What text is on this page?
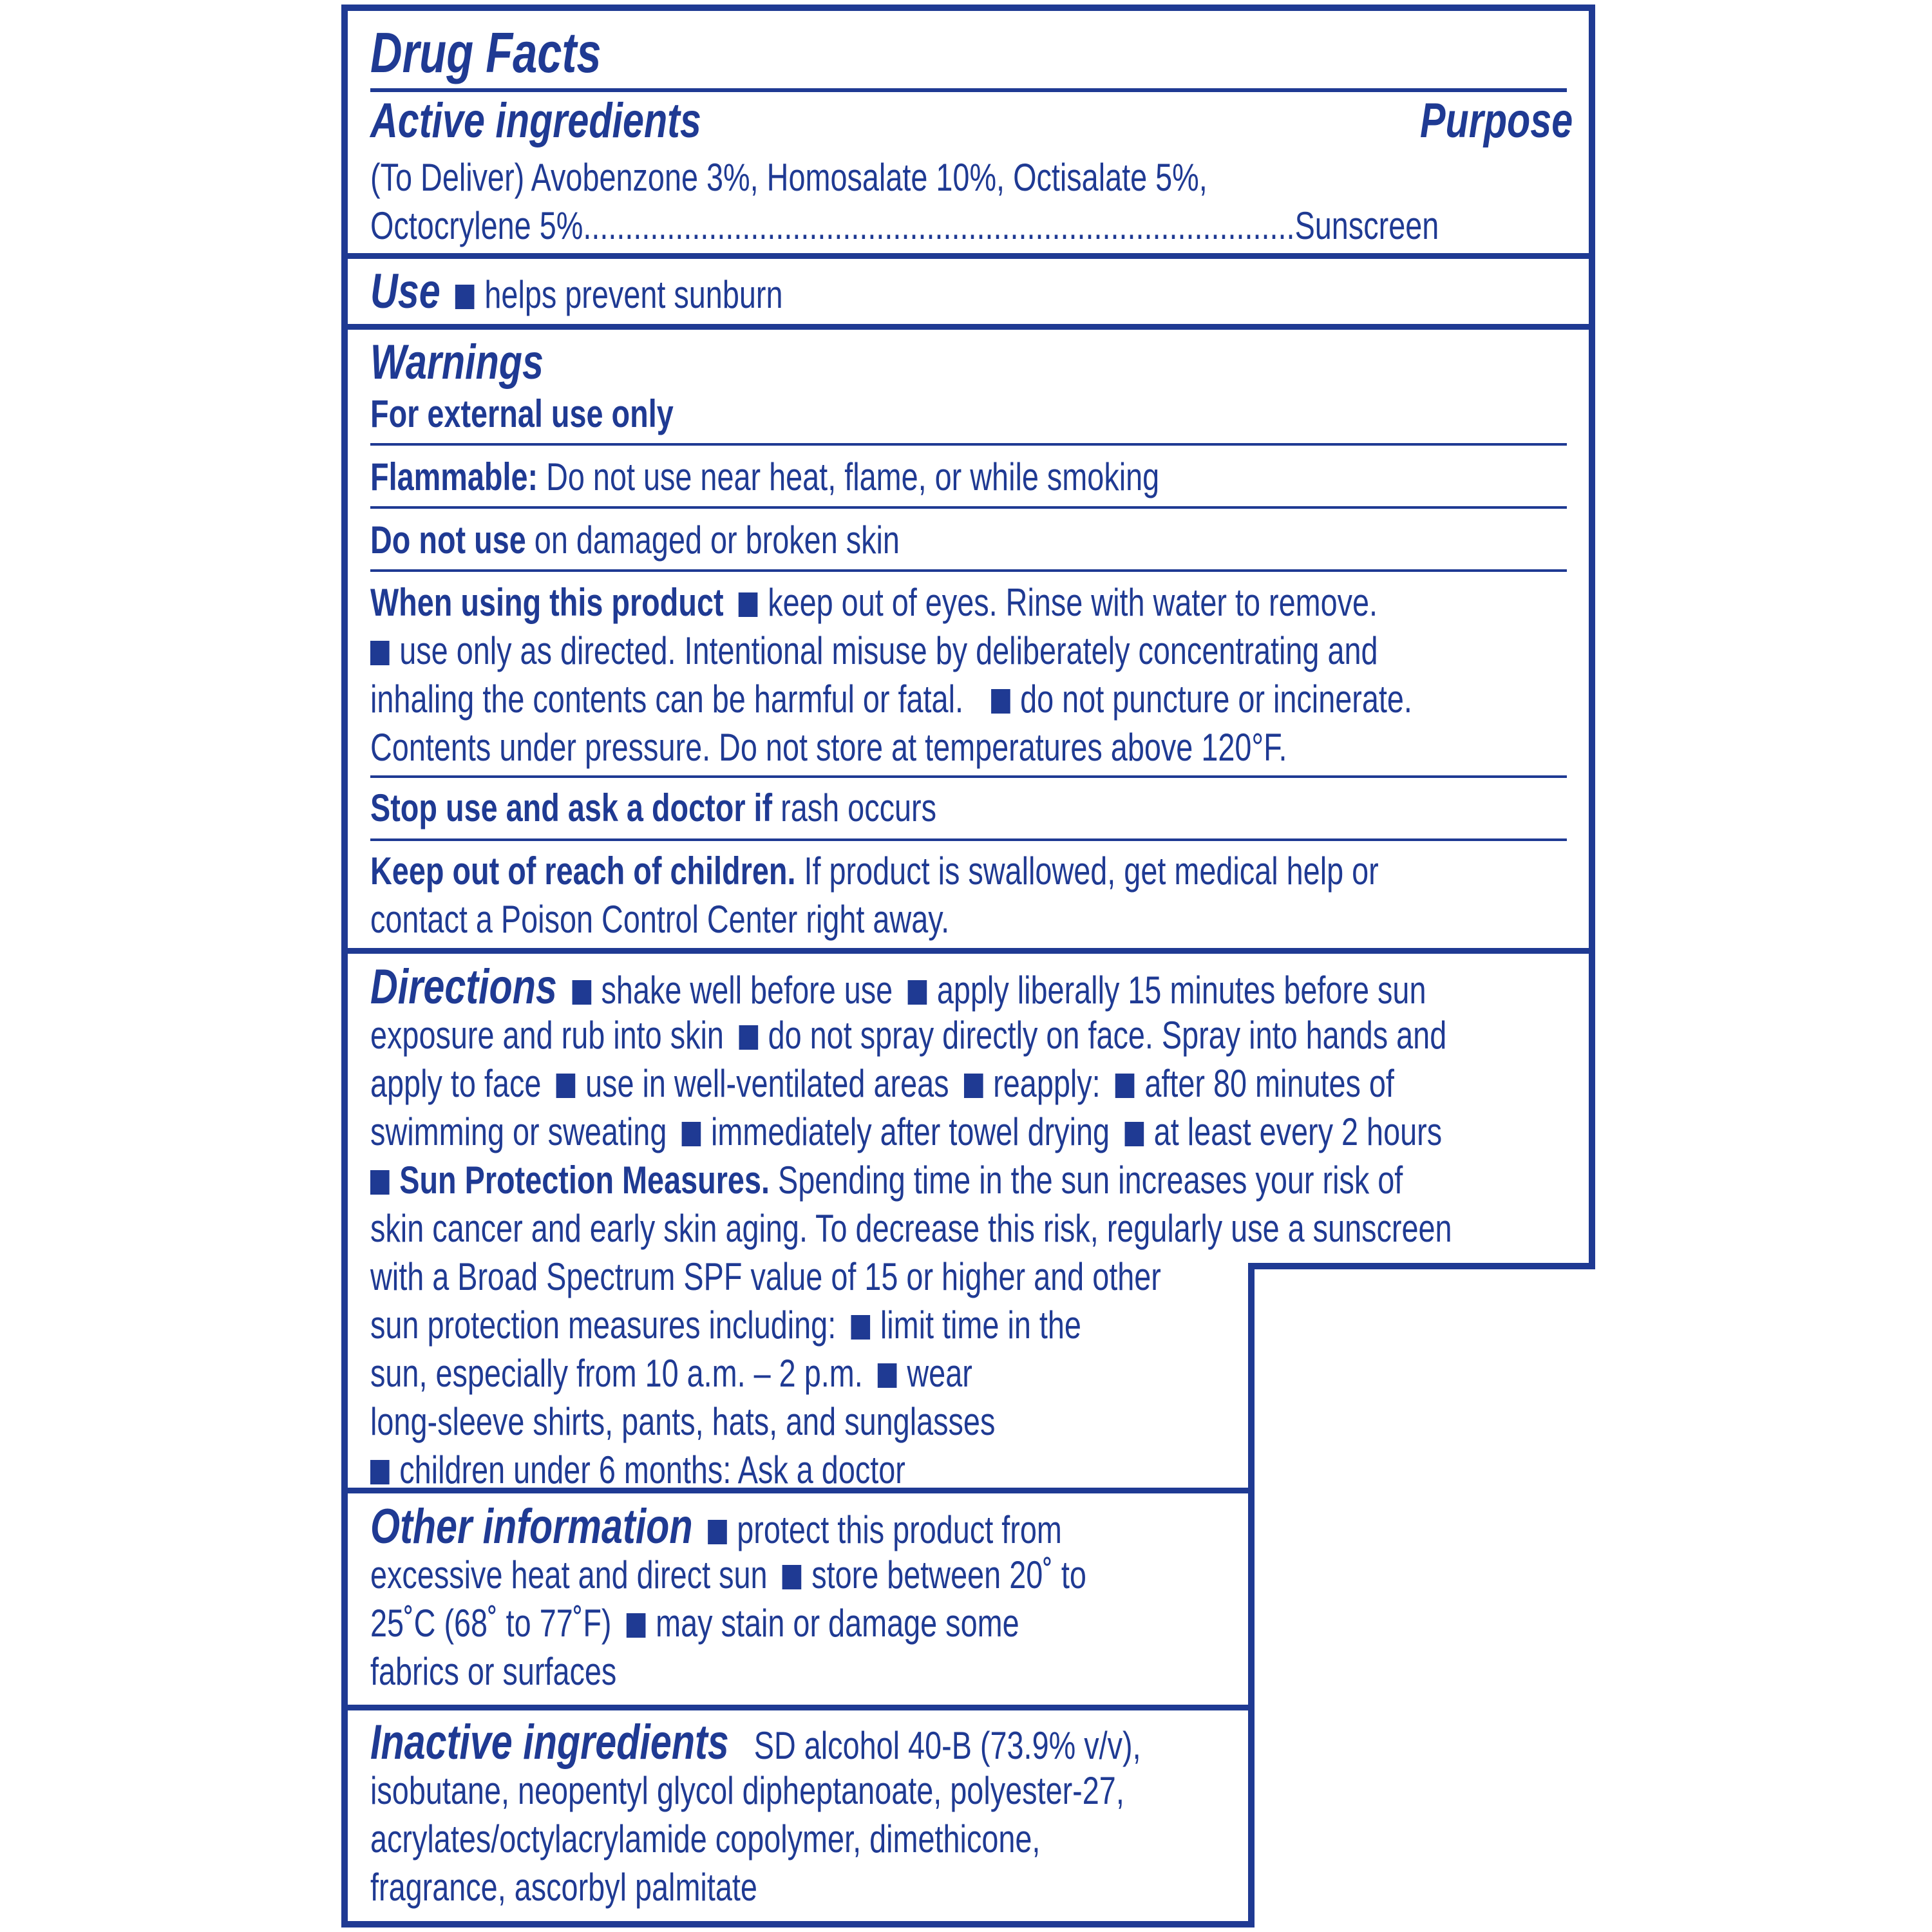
Drug Facts
Active ingredients	Purpose
(To Deliver) Avobenzone 3%, Homosalate 10%, Octisalate 5%,
Octocrylene 5%.....................................................................................Sunscreen
Use helps prevent sunburn
Warnings
For external use only
Flammable: Do not use near heat, flame, or while smoking
Do not use on damaged or broken skin
When using this product keep out of eyes. Rinse with water to remove.
use only as directed. Intentional misuse by deliberately concentrating and
inhaling the contents can be harmful or fatal. do not puncture or incinerate.
Contents under pressure. Do not store at temperatures above 120°F.
Stop use and ask a doctor if rash occurs
Keep out of reach of children. If product is swallowed, get medical help or
contact a Poison Control Center right away.
Directions shake well before use apply liberally 15 minutes before sun
exposure and rub into skin do not spray directly on face. Spray into hands and
apply to face use in well-ventilated areas reapply: after 80 minutes of
swimming or sweating immediately after towel drying at least every 2 hours
Sun Protection Measures. Spending time in the sun increases your risk of
skin cancer and early skin aging. To decrease this risk, regularly use a sunscreen
with a Broad Spectrum SPF value of 15 or higher and other
sun protection measures including: limit time in the
sun, especially from 10 a.m. – 2 p.m. wear
long-sleeve shirts, pants, hats, and sunglasses
children under 6 months: Ask a doctor
Other information protect this product from
excessive heat and direct sun store between 20˚ to
25˚C (68˚ to 77˚F) may stain or damage some
fabrics or surfaces
Inactive ingredients SD alcohol 40-B (73.9% v/v),
isobutane, neopentyl glycol dipheptanoate, polyester-27,
acrylates/octylacrylamide copolymer, dimethicone,
fragrance, ascorbyl palmitate
